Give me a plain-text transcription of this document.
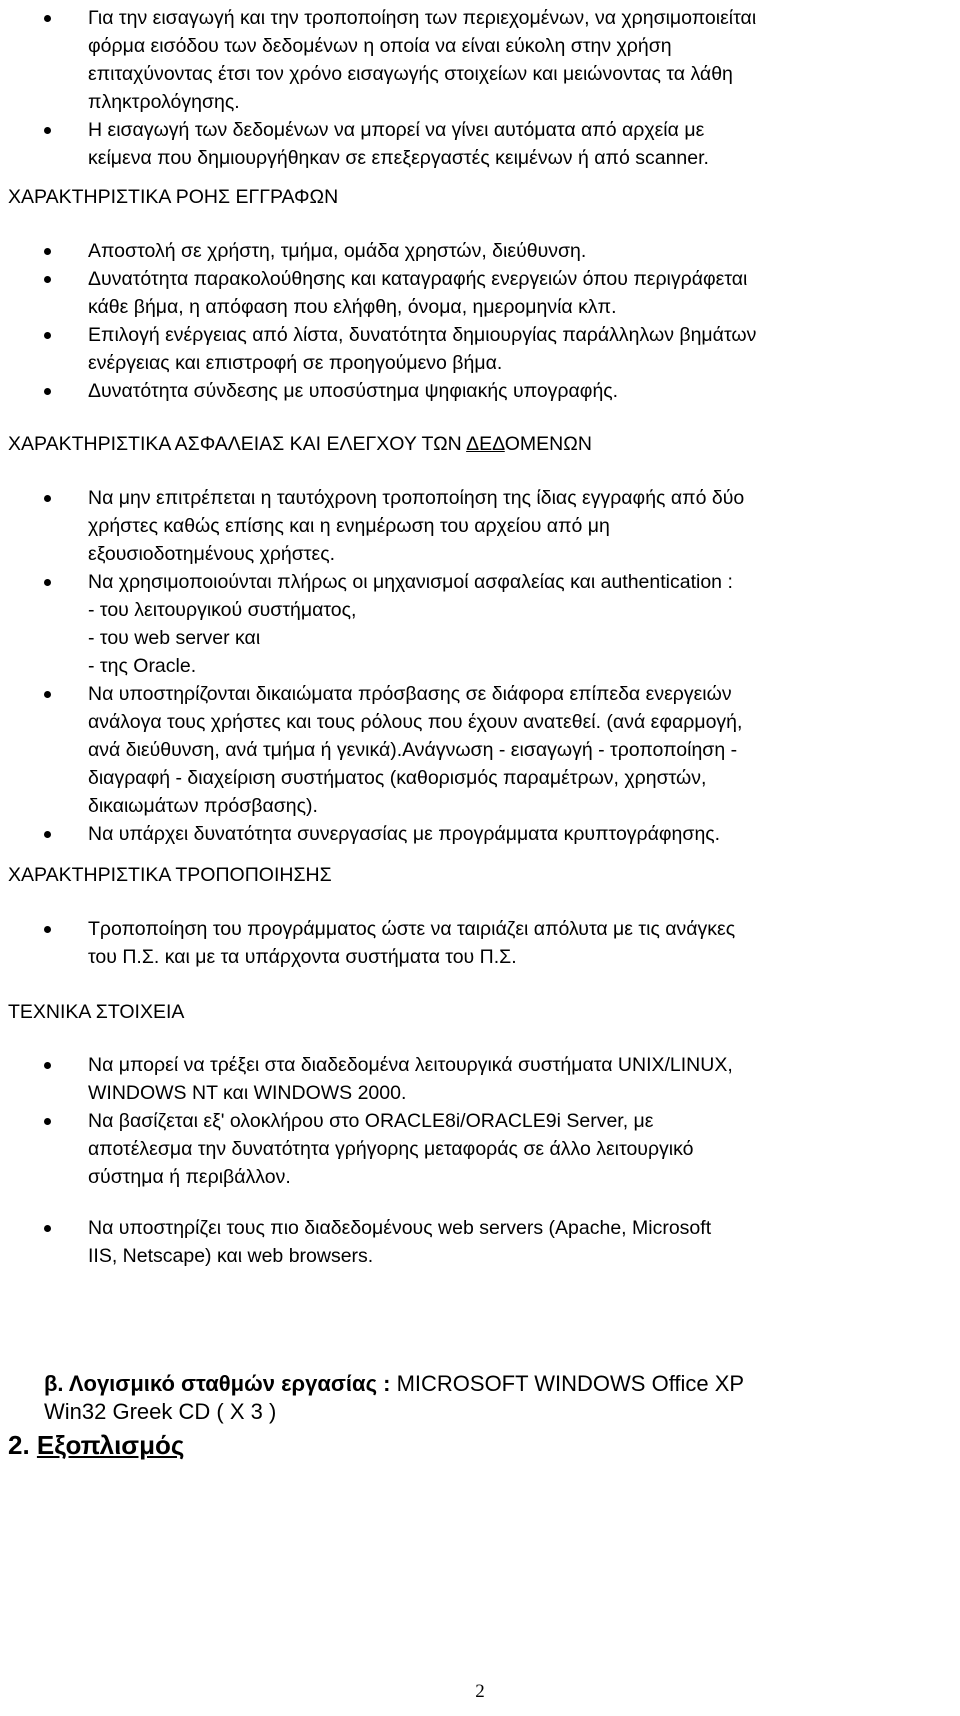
Για την εισαγωγή και την τροποποίηση των περιεχομένων, να χρησιμοποιείται
φόρμα εισόδου των δεδομένων η οποία να είναι εύκολη στην χρήση
επιταχύνοντας έτσι τον χρόνο εισαγωγής στοιχείων και μειώνοντας τα λάθη
πληκτρολόγησης.
Η εισαγωγή των δεδομένων να μπορεί να γίνει αυτόματα από αρχεία με
κείμενα που δημιουργήθηκαν σε επεξεργαστές κειμένων ή από scanner.
ΧΑΡΑΚΤΗΡΙΣΤΙΚΑ ΡΟΗΣ ΕΓΓΡΑΦΩΝ
Αποστολή σε χρήστη, τμήμα, ομάδα χρηστών, διεύθυνση.
Δυνατότητα παρακολούθησης και καταγραφής ενεργειών όπου περιγράφεται
κάθε βήμα, η απόφαση που ελήφθη, όνομα, ημερομηνία κλπ.
Επιλογή ενέργειας από λίστα, δυνατότητα δημιουργίας παράλληλων βημάτων
ενέργειας και επιστροφή σε προηγούμενο βήμα.
Δυνατότητα σύνδεσης με υποσύστημα ψηφιακής υπογραφής.
ΧΑΡΑΚΤΗΡΙΣΤΙΚΑ ΑΣΦΑΛΕΙΑΣ ΚΑΙ ΕΛΕΓΧΟΥ ΤΩΝ ΔΕΔΟΜΕΝΩΝ
Να μην επιτρέπεται η ταυτόχρονη τροποποίηση της ίδιας εγγραφής από δύο
χρήστες καθώς επίσης και η ενημέρωση του αρχείου από μη
εξουσιοδοτημένους χρήστες.
Να χρησιμοποιούνται πλήρως οι μηχανισμοί ασφαλείας και authentication :
- του λειτουργικού συστήματος,
- του web server και
- της Oracle.
Να υποστηρίζονται δικαιώματα πρόσβασης σε διάφορα επίπεδα ενεργειών
ανάλογα τους χρήστες και τους ρόλους που έχουν ανατεθεί. (ανά εφαρμογή,
ανά διεύθυνση, ανά τμήμα ή γενικά).Ανάγνωση - εισαγωγή - τροποποίηση -
διαγραφή - διαχείριση συστήματος (καθορισμός παραμέτρων, χρηστών,
δικαιωμάτων πρόσβασης).
Να υπάρχει δυνατότητα συνεργασίας με προγράμματα κρυπτογράφησης.
ΧΑΡΑΚΤΗΡΙΣΤΙΚΑ ΤΡΟΠΟΠΟΙΗΣΗΣ
Τροποποίηση του προγράμματος ώστε να ταιριάζει απόλυτα με τις ανάγκες
του Π.Σ. και με τα υπάρχοντα συστήματα του Π.Σ.
ΤΕΧΝΙΚΑ ΣΤΟΙΧΕΙΑ
Να μπορεί να τρέξει στα διαδεδομένα λειτουργικά συστήματα UNIX/LINUX,
WINDOWS NT και WINDOWS 2000.
Να βασίζεται εξ' ολοκλήρου στο ORACLE8i/ORACLE9i Server, με
αποτέλεσμα την δυνατότητα γρήγορης μεταφοράς σε άλλο λειτουργικό
σύστημα ή περιβάλλον.
Να υποστηρίζει τους πιο διαδεδομένους web servers (Apache, Microsoft
IIS, Netscape) και web browsers.
β. Λογισμικό σταθμών εργασίας : MICROSOFT WINDOWS Office XP
Win32 Greek CD ( X 3 )
2. Εξοπλισμός
2
